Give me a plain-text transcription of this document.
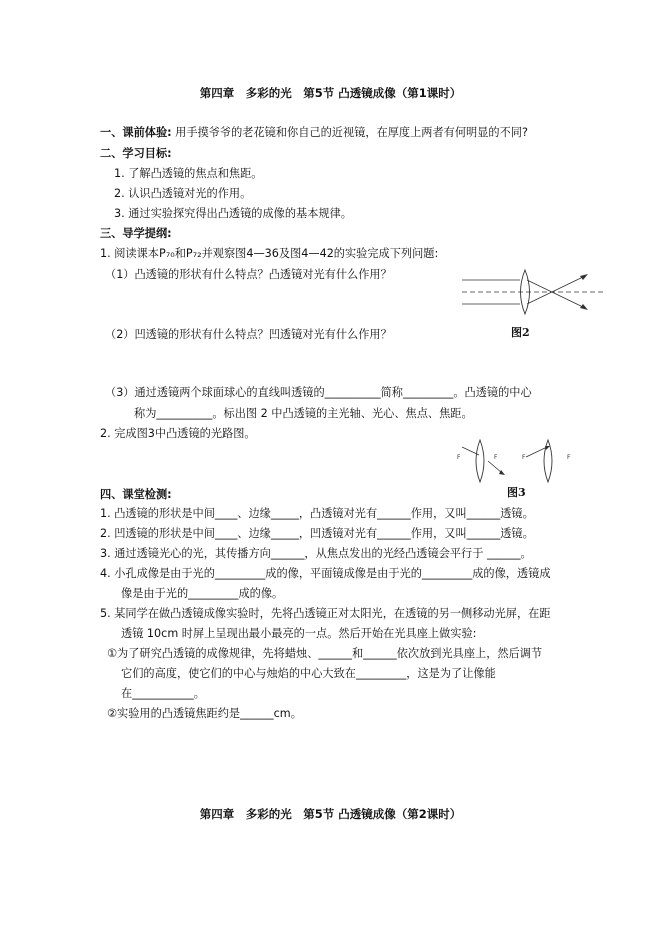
第四章　多彩的光　第5节 凸透镜成像（第1课时）
一、课前体验: 用手摸爷爷的老花镜和你自己的近视镜，在厚度上两者有何明显的不同?
二、学习目标:
1. 了解凸透镜的焦点和焦距。
2. 认识凸透镜对光的作用。
3. 通过实验探究得出凸透镜的成像的基本规律。
三、导学提纲:
1. 阅读课本P₇₀和P₇₂并观察图4—36及图4—42的实验完成下列问题:
（1）凸透镜的形状有什么特点？凸透镜对光有什么作用？
（2）凹透镜的形状有什么特点？凹透镜对光有什么作用？
（3）通过透镜两个球面球心的直线叫透镜的__________简称_________。凸透镜的中心
称为__________。标出图 2 中凸透镜的主光轴、光心、焦点、焦距。
2. 完成图3中凸透镜的光路图。
图2
F	F	F	F
图3
四、课堂检测:
1. 凸透镜的形状是中间____、边缘_____，凸透镜对光有______作用，又叫______透镜。
2. 凹透镜的形状是中间____、边缘_____，凹透镜对光有______作用，又叫______透镜。
3. 通过透镜光心的光，其传播方向______，从焦点发出的光经凸透镜会平行于 ______。
4. 小孔成像是由于光的_________成的像，平面镜成像是由于光的_________成的像，透镜成
像是由于光的_________成的像。
5. 某同学在做凸透镜成像实验时，先将凸透镜正对太阳光，在透镜的另一侧移动光屏，在距
透镜 10cm 时屏上呈现出最小最亮的一点。然后开始在光具座上做实验:
①为了研究凸透镜的成像规律，先将蜡烛、______和______依次放到光具座上，然后调节
它们的高度，使它们的中心与烛焰的中心大致在_________，这是为了让像能
在___________。
②实验用的凸透镜焦距约是______cm。
第四章　多彩的光　第5节 凸透镜成像（第2课时）
